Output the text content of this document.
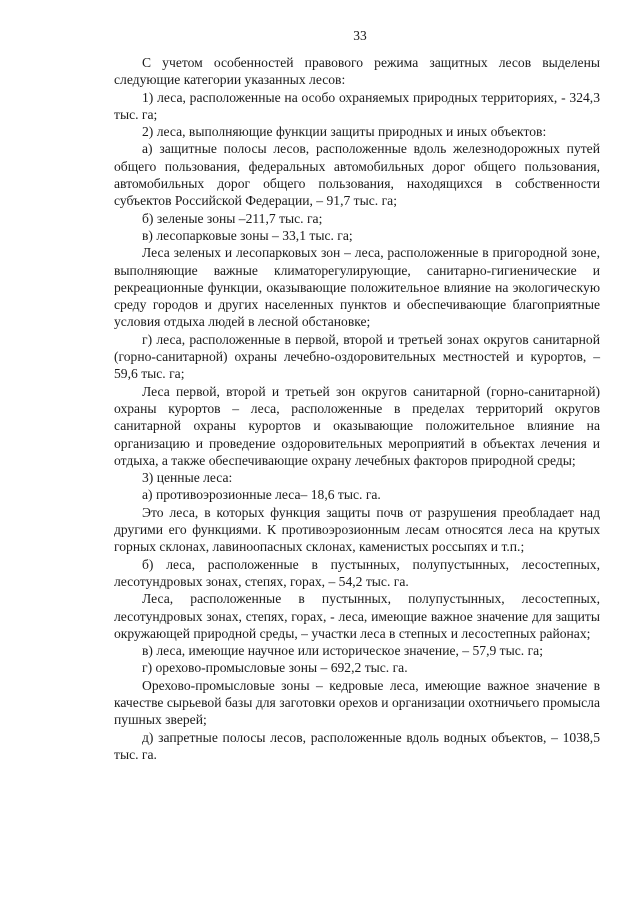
33

С учетом особенностей правового режима защитных лесов выделены следующие категории указанных лесов:

1) леса, расположенные на особо охраняемых природных территориях, - 324,3 тыс. га;

2) леса, выполняющие функции защиты природных и иных объектов:

а) защитные полосы лесов, расположенные вдоль железнодорожных путей общего пользования, федеральных автомобильных дорог общего пользования, автомобильных дорог общего пользования, находящихся в собственности субъектов Российской Федерации, – 91,7 тыс. га;

б) зеленые зоны –211,7 тыс. га;

в) лесопарковые зоны – 33,1 тыс. га;

Леса зеленых и лесопарковых зон – леса, расположенные в пригородной зоне, выполняющие важные климаторегулирующие, санитарно-гигиенические и рекреационные функции, оказывающие положительное влияние на экологическую среду городов и других населенных пунктов и обеспечивающие благоприятные условия отдыха людей в лесной обстановке;

г) леса, расположенные в первой, второй и третьей зонах округов санитарной (горно-санитарной) охраны лечебно-оздоровительных местностей и курортов, – 59,6 тыс. га;

Леса первой, второй и третьей зон округов санитарной (горно-санитарной) охраны курортов – леса, расположенные в пределах территорий округов санитарной охраны курортов и оказывающие положительное влияние на организацию и проведение оздоровительных мероприятий в объектах лечения и отдыха, а также обеспечивающие охрану лечебных факторов природной среды;

3) ценные леса:

а) противоэрозионные леса– 18,6 тыс. га.

Это леса, в которых функция защиты почв от разрушения преобладает над другими его функциями. К противоэрозионным лесам относятся леса на крутых горных склонах, лавиноопасных склонах, каменистых россыпях и т.п.;

б) леса, расположенные в пустынных, полупустынных, лесостепных, лесотундровых зонах, степях, горах, – 54,2 тыс. га.

Леса, расположенные в пустынных, полупустынных, лесостепных, лесотундровых зонах, степях, горах, - леса, имеющие важное значение для защиты окружающей природной среды, – участки леса в степных и лесостепных районах;

в) леса, имеющие научное или историческое значение, – 57,9 тыс. га;

г) орехово-промысловые зоны – 692,2 тыс. га.

Орехово-промысловые зоны – кедровые леса, имеющие важное значение в качестве сырьевой базы для заготовки орехов и организации охотничьего промысла пушных зверей;

д) запретные полосы лесов, расположенные вдоль водных объектов, – 1038,5 тыс. га.
